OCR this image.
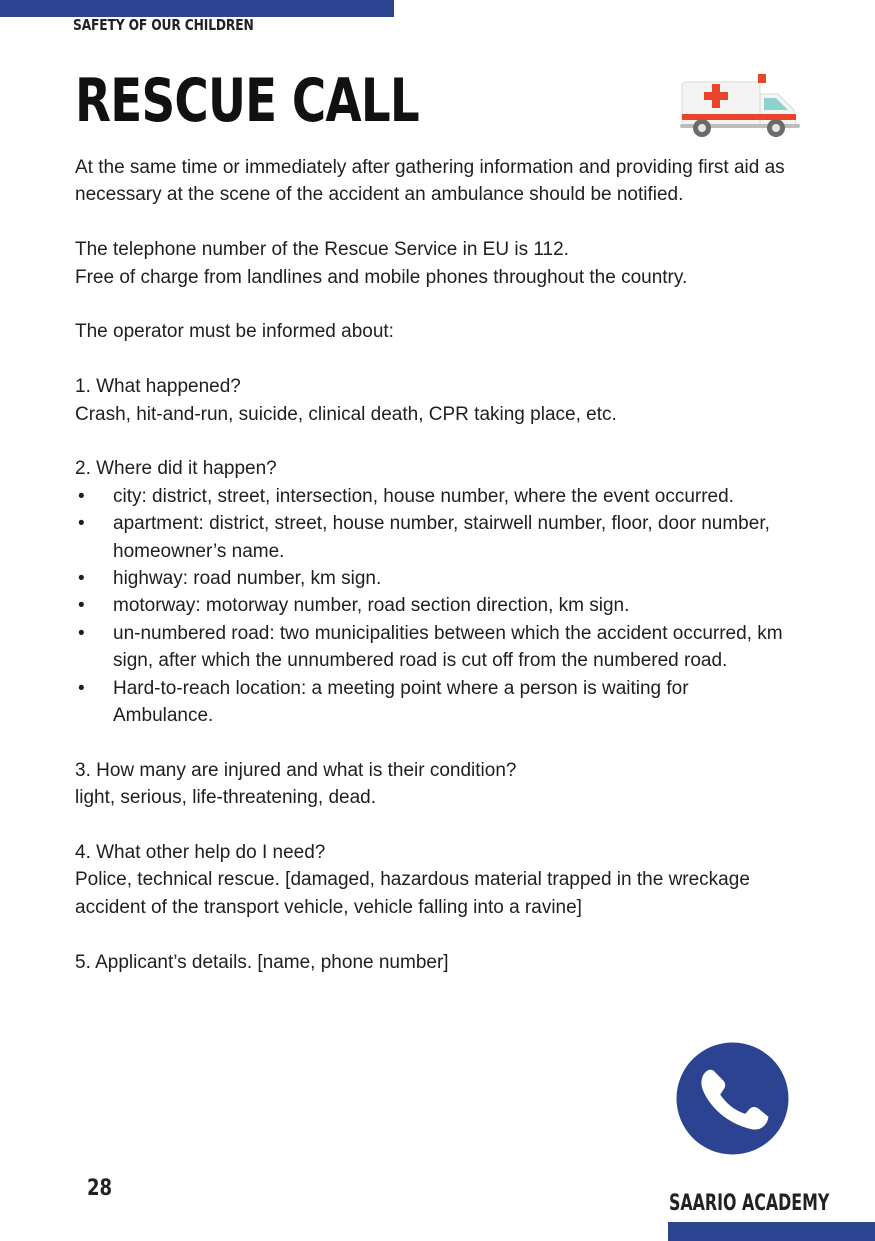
SAFETY OF OUR CHILDREN
RESCUE CALL

At the same time or immediately after gathering information and providing first aid as necessary at the scene of the accident an ambulance should be notified.

The telephone number of the Rescue Service in EU is 112.

Free of charge from landlines and mobile phones throughout the country.

The operator must be informed about:

1. What happened?

Crash, hit-and-run, suicide, clinical death, CPR taking place, etc.

2. Where did it happen?

• city: district, street, intersection, house number, where the event occurred.
• apartment: district, street, house number, stairwell number, floor, door number, homeowner’s name.
• highway: road number, km sign.
• motorway: motorway number, road section direction, km sign.
• un-numbered road: two municipalities between which the accident occurred, km sign, after which the unnumbered road is cut off from the numbered road.
• Hard-to-reach location: a meeting point where a person is waiting for Ambulance.

3. How many are injured and what is their condition?

light, serious, life-threatening, dead.

4. What other help do I need?

Police, technical rescue. [damaged, hazardous material trapped in the wreckage accident of the transport vehicle, vehicle falling into a ravine]

5. Applicant’s details. [name, phone number]

28
SAARIO ACADEMY
